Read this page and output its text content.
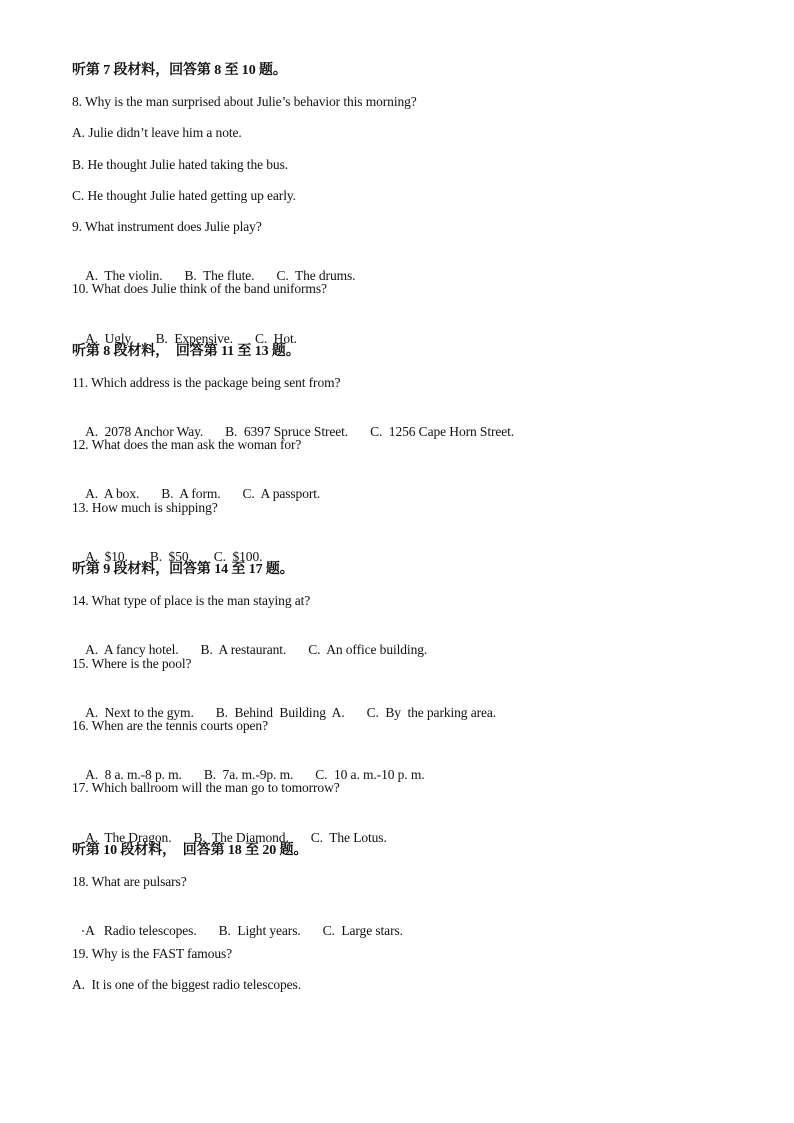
听第 7 段材料，回答第 8 至 10 题。
8. Why is the man surprised about Julie’s behavior this morning?
A. Julie didn’t leave him a note.
B. He thought Julie hated taking the bus.
C. He thought Julie hated getting up early.
9. What instrument does Julie play?

A.  The violin. B.  The flute. C.  The drums.

10. What does Julie think of the band uniforms?

A.  Ugly. B.  Expensive. C.  Hot.

听第 8 段材料，  回答第 11 至 13 题。
11. Which address is the package being sent from?

A.  2078 Anchor Way. B.  6397 Spruce Street. C.  1256 Cape Horn Street.

12. What does the man ask the woman for?

A.  A box. B.  A form. C.  A passport.

13. How much is shipping?

A.  $10. B.  $50. C.  $100.

听第 9 段材料，回答第 14 至 17 题。
14. What type of place is the man staying at?

A.  A fancy hotel. B.  A restaurant. C.  An office building.

15. Where is the pool?

A.  Next to the gym. B.  Behind  Building  A. C.  By  the parking area.

16. When are the tennis courts open?

A.  8 a. m.-8 p. m. B.  7a. m.-9p. m. C.  10 a. m.-10 p. m.

17. Which ballroom will the man go to tomorrow?

A.  The Dragon. B.  The Diamond. C.  The Lotus.

听第 10 段材料，  回答第 18 至 20 题。
18. What are pulsars?

A   Radio telescopes. B.  Light years. C.  Large stars.

19. Why is the FAST famous?
A.  It is one of the biggest radio telescopes.
